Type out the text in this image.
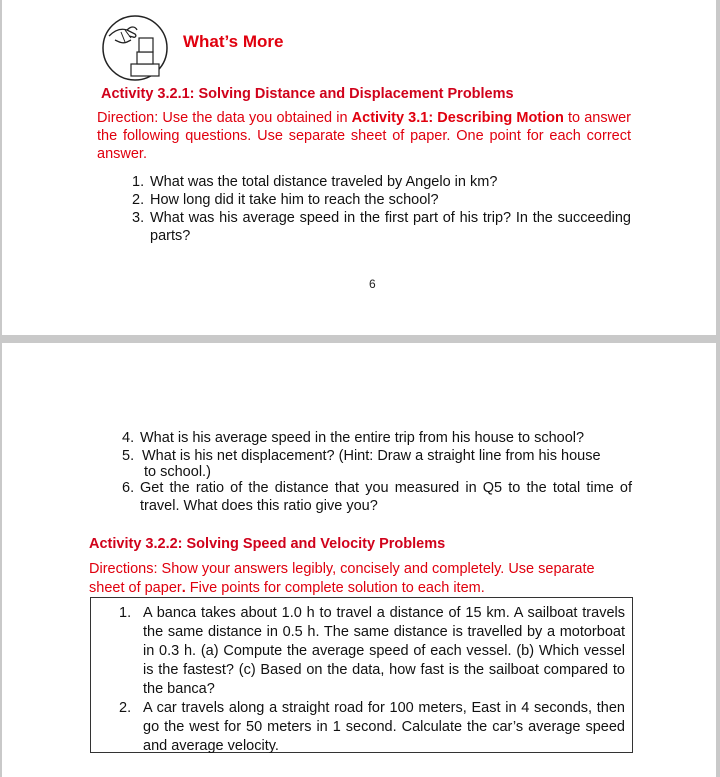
What’s More
Activity 3.2.1: Solving Distance and Displacement Problems
Direction: Use the data you obtained in Activity 3.1: Describing Motion to answer the following questions. Use separate sheet of paper. One point for each correct answer.
1. What was the total distance traveled by Angelo in km?
2. How long did it take him to reach the school?
3. What was his average speed in the first part of his trip? In the succeeding parts?
6
4. What is his average speed in the entire trip from his house to school?
5. What is his net displacement? (Hint: Draw a straight line from his house
to school.)
6. Get the ratio of the distance that you measured in Q5 to the total time of travel. What does this ratio give you?
Activity 3.2.2: Solving Speed and Velocity Problems
Directions: Show your answers legibly, concisely and completely. Use separate sheet of paper. Five points for complete solution to each item.
1. A banca takes about 1.0 h to travel a distance of 15 km. A sailboat travels the same distance in 0.5 h. The same distance is travelled by a motorboat in 0.3 h. (a) Compute the average speed of each vessel. (b) Which vessel is the fastest? (c) Based on the data, how fast is the sailboat compared to the banca?
2. A car travels along a straight road for 100 meters, East in 4 seconds, then go the west for 50 meters in 1 second. Calculate the car’s average speed and average velocity.
